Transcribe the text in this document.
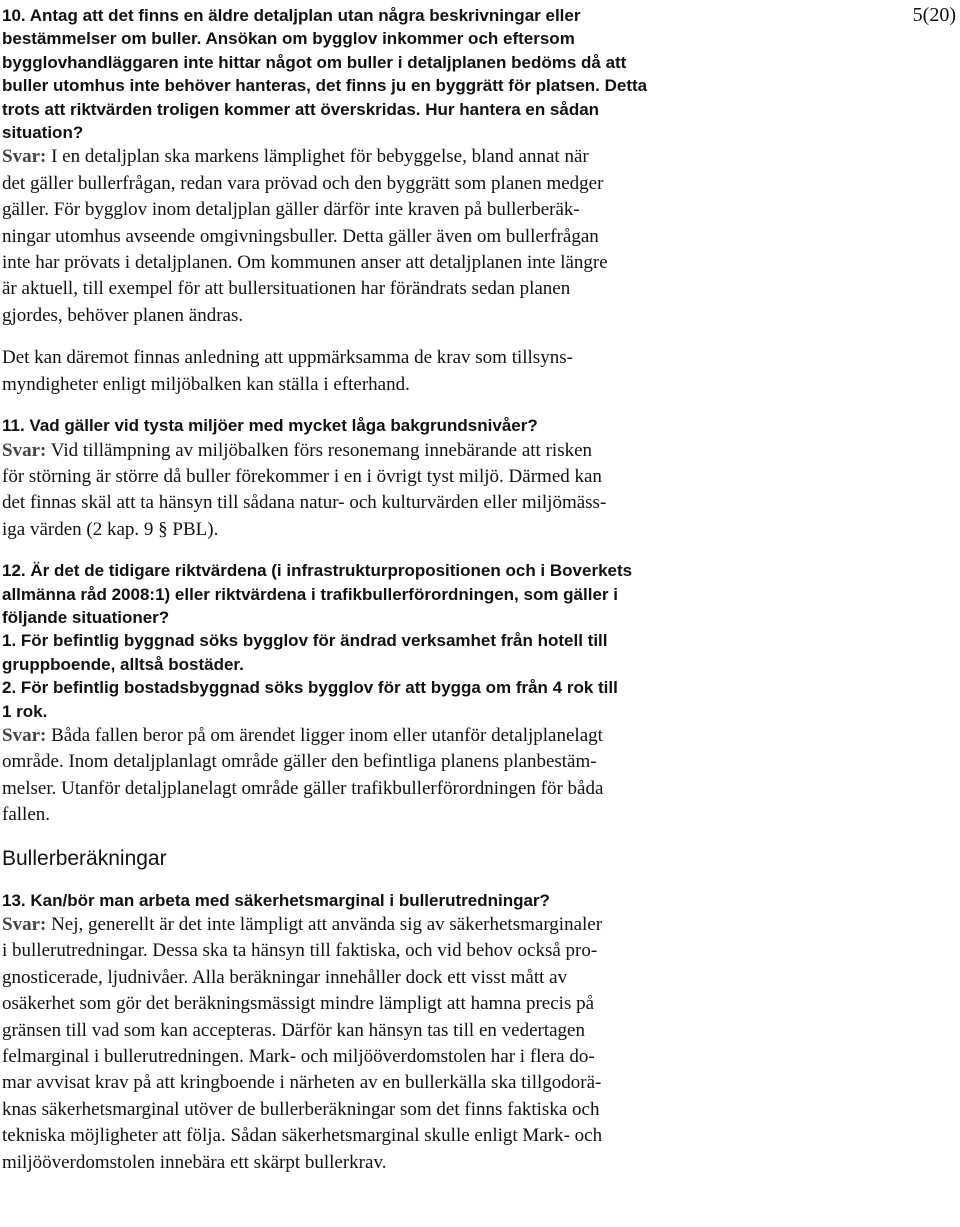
5(20)
10. Antag att det finns en äldre detaljplan utan några beskrivningar eller
bestämmelser om buller. Ansökan om bygglov inkommer och eftersom
bygglovhandläggaren inte hittar något om buller i detaljplanen bedöms då att
buller utomhus inte behöver hanteras, det finns ju en byggrätt för platsen. Detta
trots att riktvärden troligen kommer att överskridas. Hur hantera en sådan
situation?
Svar: I en detaljplan ska markens lämplighet för bebyggelse, bland annat när
det gäller bullerfrågan, redan vara prövad och den byggrätt som planen medger
gäller. För bygglov inom detaljplan gäller därför inte kraven på bullerberäk-
ningar utomhus avseende omgivningsbuller. Detta gäller även om bullerfrågan
inte har prövats i detaljplanen. Om kommunen anser att detaljplanen inte längre
är aktuell, till exempel för att bullersituationen har förändrats sedan planen
gjordes, behöver planen ändras.
Det kan däremot finnas anledning att uppmärksamma de krav som tillsyns-
myndigheter enligt miljöbalken kan ställa i efterhand.
11. Vad gäller vid tysta miljöer med mycket låga bakgrundsnivåer?
Svar: Vid tillämpning av miljöbalken förs resonemang innebärande att risken
för störning är större då buller förekommer i en i övrigt tyst miljö. Därmed kan
det finnas skäl att ta hänsyn till sådana natur- och kulturvärden eller miljömäss-
iga värden (2 kap. 9 § PBL).
12. Är det de tidigare riktvärdena (i infrastrukturpropositionen och i Boverkets
allmänna råd 2008:1) eller riktvärdena i trafikbullerförordningen, som gäller i
följande situationer?
1. För befintlig byggnad söks bygglov för ändrad verksamhet från hotell till
gruppboende, alltså bostäder.
2. För befintlig bostadsbyggnad söks bygglov för att bygga om från 4 rok till
1 rok.
Svar: Båda fallen beror på om ärendet ligger inom eller utanför detaljplanelagt
område. Inom detaljplanlagt område gäller den befintliga planens planbestäm-
melser. Utanför detaljplanelagt område gäller trafikbullerförordningen för båda
fallen.
Bullerberäkningar
13. Kan/bör man arbeta med säkerhetsmarginal i bullerutredningar?
Svar: Nej, generellt är det inte lämpligt att använda sig av säkerhetsmarginaler
i bullerutredningar. Dessa ska ta hänsyn till faktiska, och vid behov också pro-
gnosticerade, ljudnivåer. Alla beräkningar innehåller dock ett visst mått av
osäkerhet som gör det beräkningsmässigt mindre lämpligt att hamna precis på
gränsen till vad som kan accepteras. Därför kan hänsyn tas till en vedertagen
felmarginal i bullerutredningen. Mark- och miljööverdomstolen har i flera do-
mar avvisat krav på att kringboende i närheten av en bullerkälla ska tillgodorä-
knas säkerhetsmarginal utöver de bullerberäkningar som det finns faktiska och
tekniska möjligheter att följa. Sådan säkerhetsmarginal skulle enligt Mark- och
miljööverdomstolen innebära ett skärpt bullerkrav.
